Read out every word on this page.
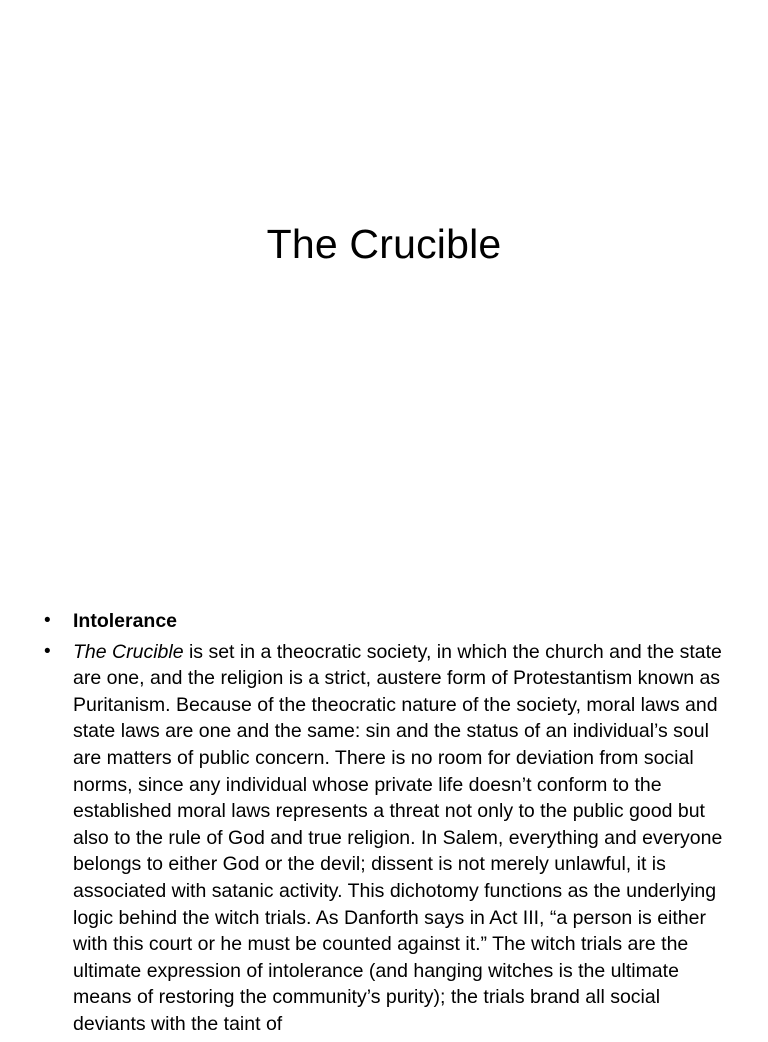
The Crucible
• Intolerance
• The Crucible is set in a theocratic society, in which the church and the state are one, and the religion is a strict, austere form of Protestantism known as Puritanism. Because of the theocratic nature of the society, moral laws and state laws are one and the same: sin and the status of an individual’s soul are matters of public concern. There is no room for deviation from social norms, since any individual whose private life doesn’t conform to the established moral laws represents a threat not only to the public good but also to the rule of God and true religion. In Salem, everything and everyone belongs to either God or the devil; dissent is not merely unlawful, it is associated with satanic activity. This dichotomy functions as the underlying logic behind the witch trials. As Danforth says in Act III, “a person is either with this court or he must be counted against it.” The witch trials are the ultimate expression of intolerance (and hanging witches is the ultimate means of restoring the community’s purity); the trials brand all social deviants with the taint of
